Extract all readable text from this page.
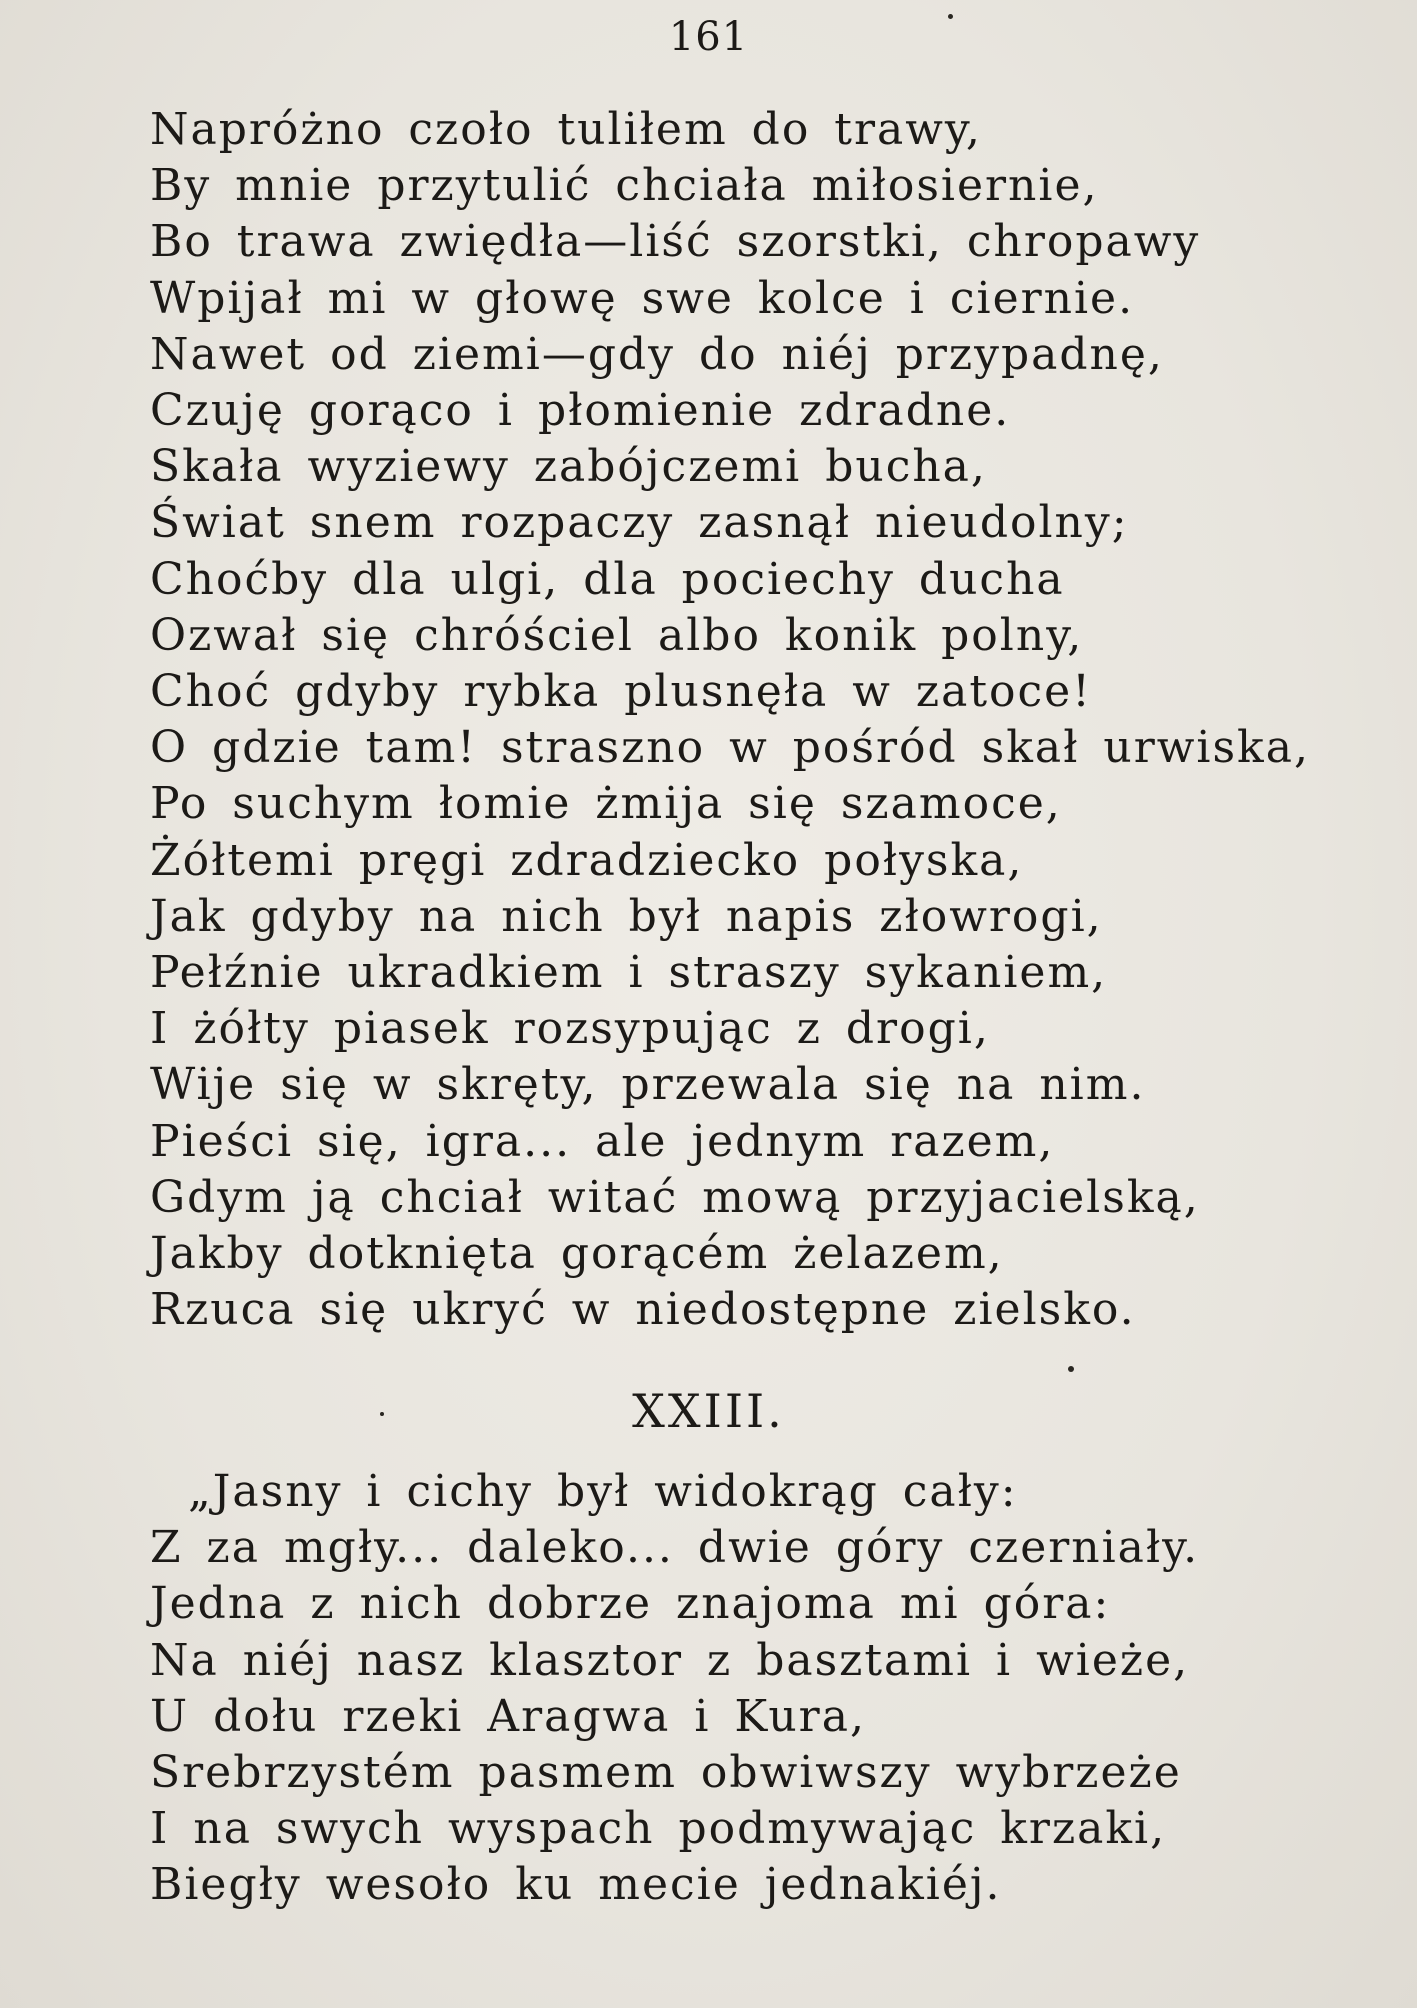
161
Napróżno czoło tuliłem do trawy,
By mnie przytulić chciała miłosiernie,
Bo trawa zwiędła—liść szorstki, chropawy
Wpijał mi w głowę swe kolce i ciernie.
Nawet od ziemi—gdy do niéj przypadnę,
Czuję gorąco i płomienie zdradne.
Skała wyziewy zabójczemi bucha,
Świat snem rozpaczy zasnął nieudolny;
Choćby dla ulgi, dla pociechy ducha
Ozwał się chróściel albo konik polny,
Choć gdyby rybka plusnęła w zatoce!
O gdzie tam! straszno w pośród skał urwiska,
Po suchym łomie żmija się szamoce,
Żółtemi pręgi zdradziecko połyska,
Jak gdyby na nich był napis złowrogi,
Pełźnie ukradkiem i straszy sykaniem,
I żółty piasek rozsypując z drogi,
Wije się w skręty, przewala się na nim.
Pieści się, igra... ale jednym razem,
Gdym ją chciał witać mową przyjacielską,
Jakby dotknięta gorącém żelazem,
Rzuca się ukryć w niedostępne zielsko.
XXIII.
„Jasny i cichy był widokrąg cały:
Z za mgły... daleko... dwie góry czerniały.
Jedna z nich dobrze znajoma mi góra:
Na niéj nasz klasztor z basztami i wieże,
U dołu rzeki Aragwa i Kura,
Srebrzystém pasmem obwiwszy wybrzeże
I na swych wyspach podmywając krzaki,
Biegły wesoło ku mecie jednakiéj.
